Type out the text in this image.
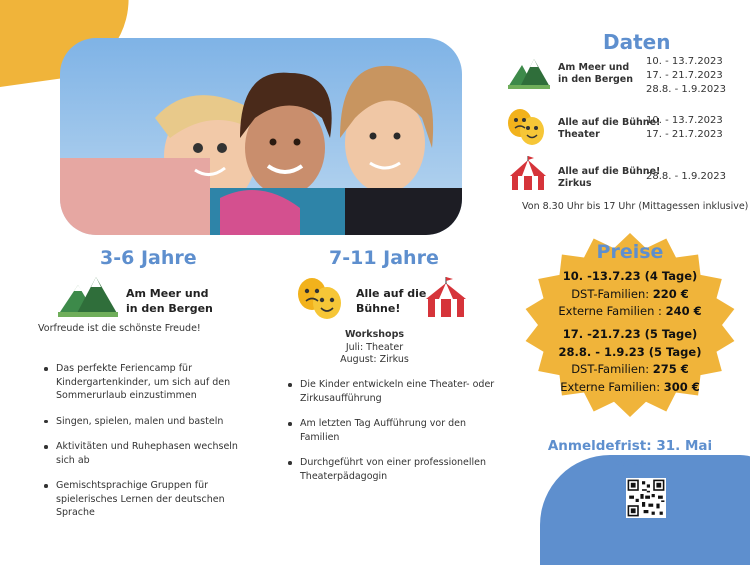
Daten
Am Meer und
in den Bergen
10. - 13.7.2023
17. - 21.7.2023
28.8. - 1.9.2023
Alle auf die Bühne!
Theater
10. - 13.7.2023
17. - 21.7.2023
Alle auf die Bühne!
Zirkus
28.8. - 1.9.2023
Von 8.30 Uhr bis 17 Uhr (Mittagessen inklusive)
3-6 Jahre
Am Meer und
in den Bergen
Vorfreude ist die schönste Freude!
Das perfekte Feriencamp für Kindergartenkinder, um sich auf den Sommerurlaub einzustimmen
Singen, spielen, malen und basteln
Aktivitäten und Ruhephasen wechseln sich ab
Gemischtsprachige Gruppen für spielerisches Lernen der deutschen Sprache
7-11 Jahre
Alle auf die
Bühne!
Workshops
Juli: Theater
August: Zirkus
Die Kinder entwickeln eine Theater- oder Zirkusaufführung
Am letzten Tag Aufführung vor den Familien
Durchgeführt von einer professionellen Theaterpädagogin
Preise
10. -13.7.23 (4 Tage)
DST-Familien: 220 €
Externe Familien : 240 €
17. -21.7.23 (5 Tage)
28.8. - 1.9.23 (5 Tage)
DST-Familien: 275 €
Externe Familien: 300 €
Anmeldefrist: 31. Mai 2023
